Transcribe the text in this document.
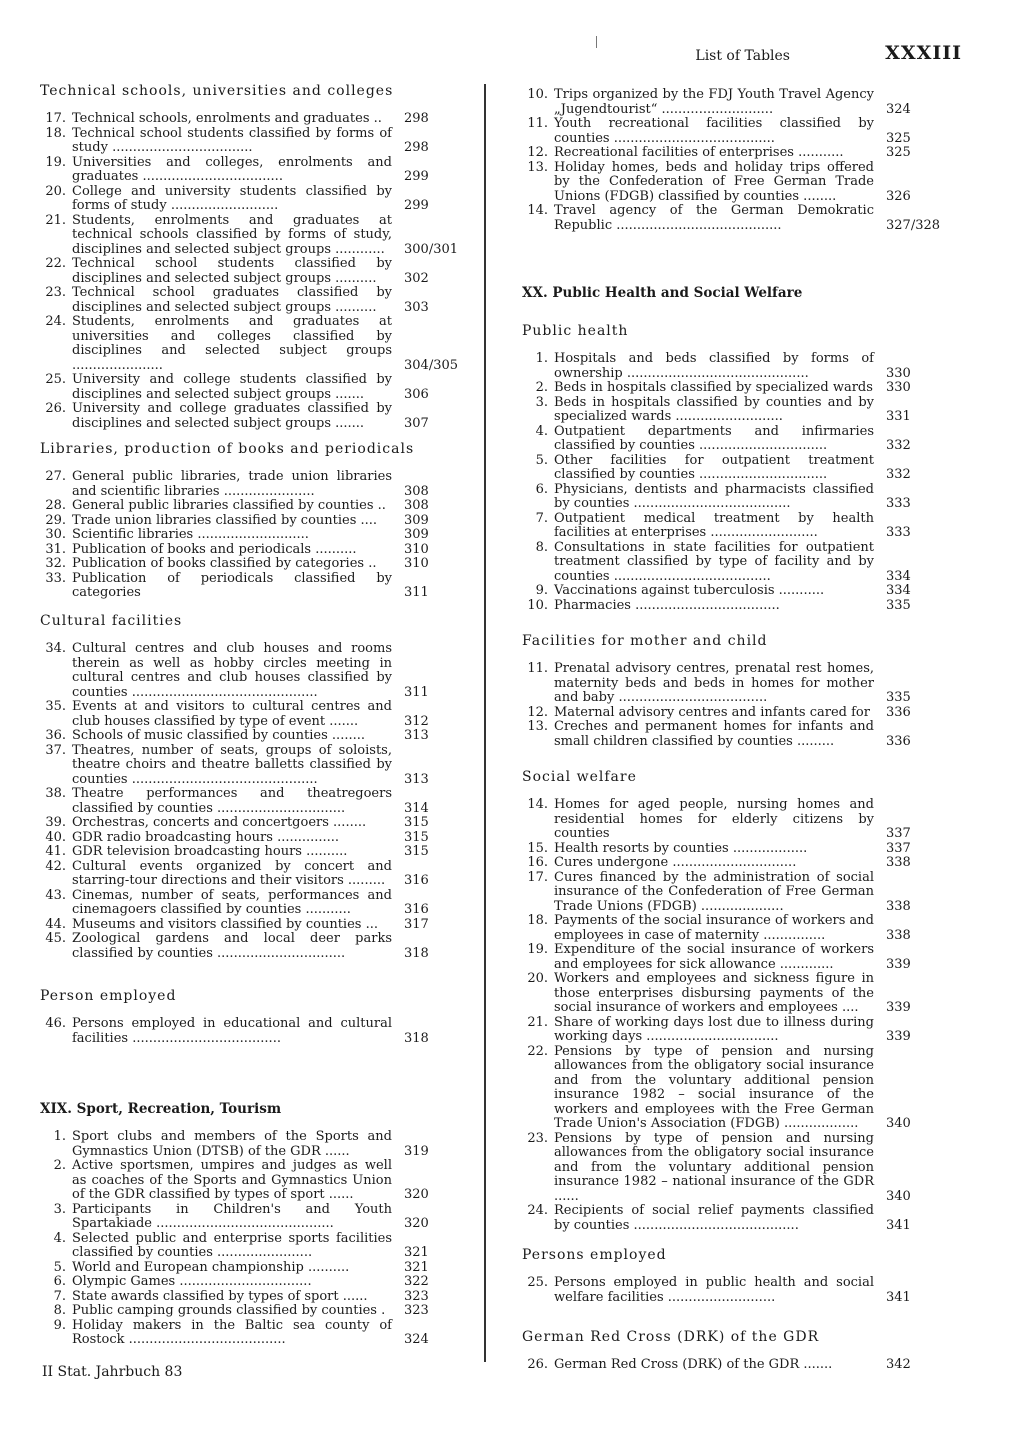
List of Tables	XXXIII
Technical schools, universities and colleges
17. Technical schools, enrolments and graduates ..	298
18. Technical school students classified by forms of study ..................................	298
19. Universities and colleges, enrolments and graduates ..................................	299
20. College and university students classified by forms of study ..........................	299
21. Students, enrolments and graduates at technical schools classified by forms of study, disciplines and selected subject groups ............	300/301
22. Technical school students classified by disciplines and selected subject groups ..........	302
23. Technical school graduates classified by disciplines and selected subject groups ..........	303
24. Students, enrolments and graduates at universities and colleges classified by disciplines and selected subject groups ......................	304/305
25. University and college students classified by disciplines and selected subject groups .......	306
26. University and college graduates classified by disciplines and selected subject groups .......	307
Libraries, production of books and periodicals
27. General public libraries, trade union libraries and scientific libraries ......................	308
28. General public libraries classified by counties ..	308
29. Trade union libraries classified by counties ....	309
30. Scientific libraries ...........................	309
31. Publication of books and periodicals ..........	310
32. Publication of books classified by categories ..	310
33. Publication of periodicals classified by categories	311
Cultural facilities
34. Cultural centres and club houses and rooms therein as well as hobby circles meeting in cultural centres and club houses classified by counties .............................................	311
35. Events at and visitors to cultural centres and club houses classified by type of event .......	312
36. Schools of music classified by counties ........	313
37. Theatres, number of seats, groups of soloists, theatre choirs and theatre balletts classified by counties .............................................	313
38. Theatre performances and theatregoers classified by counties ...............................	314
39. Orchestras, concerts and concertgoers ........	315
40. GDR radio broadcasting hours ...............	315
41. GDR television broadcasting hours ..........	315
42. Cultural events organized by concert and starring-tour directions and their visitors .........	316
43. Cinemas, number of seats, performances and cinemagoers classified by counties ...........	316
44. Museums and visitors classified by counties ...	317
45. Zoological gardens and local deer parks classified by counties ...............................	318
Person employed
46. Persons employed in educational and cultural facilities ....................................	318
XIX. Sport, Recreation, Tourism
1. Sport clubs and members of the Sports and Gymnastics Union (DTSB) of the GDR ......	319
2. Active sportsmen, umpires and judges as well as coaches of the Sports and Gymnastics Union of the GDR classified by types of sport ......	320
3. Participants in Children's and Youth Spartakiade ...........................................	320
4. Selected public and enterprise sports facilities classified by counties .......................	321
5. World and European championship ..........	321
6. Olympic Games ................................	322
7. State awards classified by types of sport ......	323
8. Public camping grounds classified by counties .	323
9. Holiday makers in the Baltic sea county of Rostock ......................................	324
10. Trips organized by the FDJ Youth Travel Agency „Jugendtourist“ ...........................	324
11. Youth recreational facilities classified by counties .......................................	325
12. Recreational facilities of enterprises ...........	325
13. Holiday homes, beds and holiday trips offered by the Confederation of Free German Trade Unions (FDGB) classified by counties ........	326
14. Travel agency of the German Demokratic Republic ........................................	327/328
XX. Public Health and Social Welfare
Public health
1. Hospitals and beds classified by forms of ownership ............................................	330
2. Beds in hospitals classified by specialized wards 330
3. Beds in hospitals classified by counties and by specialized wards ..........................	331
4. Outpatient departments and infirmaries classified by counties ...............................	332
5. Other facilities for outpatient treatment classified by counties ...............................	332
6. Physicians, dentists and pharmacists classified by counties ......................................	333
7. Outpatient medical treatment by health facilities at enterprises ..........................	333
8. Consultations in state facilities for outpatient treatment classified by type of facility and by counties ......................................	334
9. Vaccinations against tuberculosis ...........	334
10. Pharmacies ...................................	335
Facilities for mother and child
11. Prenatal advisory centres, prenatal rest homes, maternity beds and beds in homes for mother and baby ....................................	335
12. Maternal advisory centres and infants cared for	336
13. Creches and permanent homes for infants and small children classified by counties .........	336
Social welfare
14. Homes for aged people, nursing homes and residential homes for elderly citizens by counties	337
15. Health resorts by counties ..................	337
16. Cures undergone ..............................	338
17. Cures financed by the administration of social insurance of the Confederation of Free German Trade Unions (FDGB) ....................	338
18. Payments of the social insurance of workers and employees in case of maternity ...............	338
19. Expenditure of the social insurance of workers and employees for sick allowance .............	339
20. Workers and employees and sickness figure in those enterprises disbursing payments of the social insurance of workers and employees ....	339
21. Share of working days lost due to illness during working days ................................	339
22. Pensions by type of pension and nursing allowances from the obligatory social insurance and from the voluntary additional pension insurance 1982 – social insurance of the workers and employees with the Free German Trade Union's Association (FDGB) ..................	340
23. Pensions by type of pension and nursing allowances from the obligatory social insurance and from the voluntary additional pension insurance 1982 – national insurance of the GDR ......	340
24. Recipients of social relief payments classified by counties ........................................	341
Persons employed
25. Persons employed in public health and social welfare facilities ..........................	341
German Red Cross (DRK) of the GDR
26. German Red Cross (DRK) of the GDR .......	342
II Stat. Jahrbuch 83
